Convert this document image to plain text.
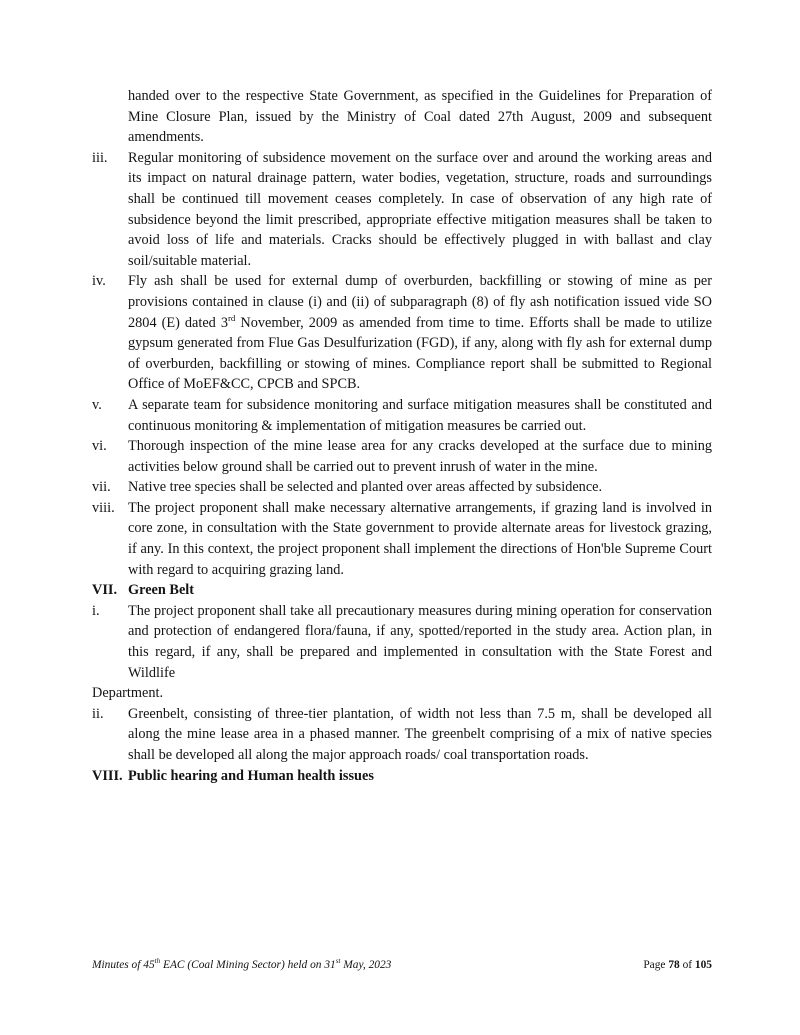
handed over to the respective State Government, as specified in the Guidelines for Preparation of Mine Closure Plan, issued by the Ministry of Coal dated 27th August, 2009 and subsequent amendments.

iii.	Regular monitoring of subsidence movement on the surface over and around the working areas and its impact on natural drainage pattern, water bodies, vegetation, structure, roads and surroundings shall be continued till movement ceases completely. In case of observation of any high rate of subsidence beyond the limit prescribed, appropriate effective mitigation measures shall be taken to avoid loss of life and materials. Cracks should be effectively plugged in with ballast and clay soil/suitable material.

iv.	Fly ash shall be used for external dump of overburden, backfilling or stowing of mine as per provisions contained in clause (i) and (ii) of subparagraph (8) of fly ash notification issued vide SO 2804 (E) dated 3rd November, 2009 as amended from time to time. Efforts shall be made to utilize gypsum generated from Flue Gas Desulfurization (FGD), if any, along with fly ash for external dump of overburden, backfilling or stowing of mines. Compliance report shall be submitted to Regional Office of MoEF&CC, CPCB and SPCB.

v.	A separate team for subsidence monitoring and surface mitigation measures shall be constituted and continuous monitoring & implementation of mitigation measures be carried out.

vi.	Thorough inspection of the mine lease area for any cracks developed at the surface due to mining activities below ground shall be carried out to prevent inrush of water in the mine.

vii.	Native tree species shall be selected and planted over areas affected by subsidence.

viii. The project proponent shall make necessary alternative arrangements, if grazing land is involved in core zone, in consultation with the State government to provide alternate areas for livestock grazing, if any. In this context, the project proponent shall implement the directions of Hon'ble Supreme Court with regard to acquiring grazing land.

VII. Green Belt

i.	The project proponent shall take all precautionary measures during mining operation for conservation and protection of endangered flora/fauna, if any, spotted/reported in the study area. Action plan, in this regard, if any, shall be prepared and implemented in consultation with the State Forest and Wildlife

Department.

ii.	Greenbelt, consisting of three-tier plantation, of width not less than 7.5 m, shall be developed all along the mine lease area in a phased manner. The greenbelt comprising of a mix of native species shall be developed all along the major approach roads/ coal transportation roads.

VIII. Public hearing and Human health issues

Minutes of 45th EAC (Coal Mining Sector) held on 31st May, 2023	Page 78 of 105
